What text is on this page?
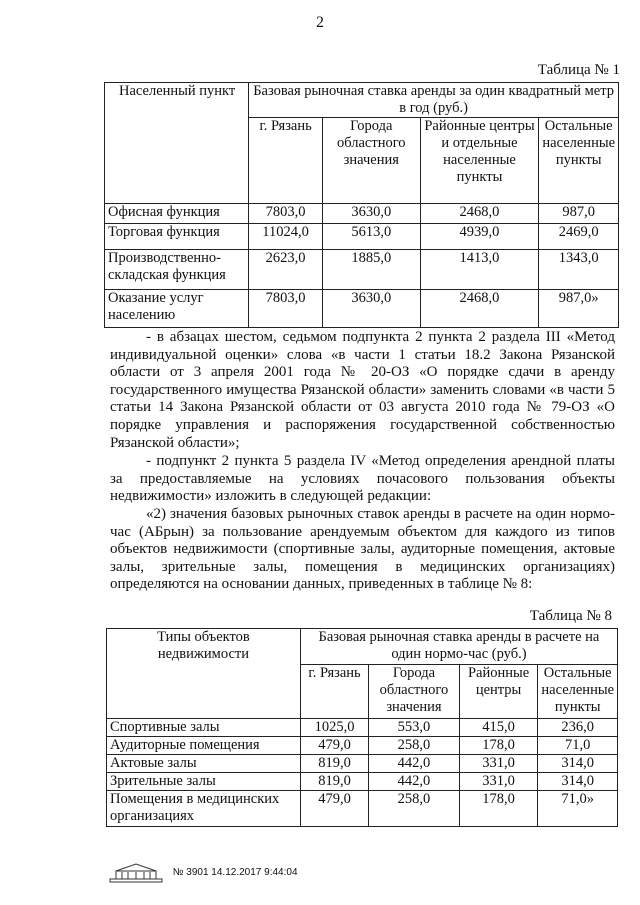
2
Таблица № 1
Населенный пункт	Базовая рыночная ставка аренды за один квадратный метр в год (руб.)			
	г. Рязань	Города областного значения	Районные центры и отдельные населенные пункты	Остальные населенные пункты
Офисная функция	7803,0	3630,0	2468,0	987,0
Торговая функция	11024,0	5613,0	4939,0	2469,0
Производственно-складская функция	2623,0	1885,0	1413,0	1343,0
Оказание услуг населению	7803,0	3630,0	2468,0	987,0»

- в абзацах шестом, седьмом подпункта 2 пункта 2 раздела III «Метод индивидуальной оценки» слова «в части 1 статьи 18.2 Закона Рязанской области от 3 апреля 2001 года № 20-ОЗ «О порядке сдачи в аренду государственного имущества Рязанской области» заменить словами «в части 5 статьи 14 Закона Рязанской области от 03 августа 2010 года № 79-ОЗ «О порядке управления и распоряжения государственной собственностью Рязанской области»;

- подпункт 2 пункта 5 раздела IV «Метод определения арендной платы за предоставляемые на условиях почасового пользования объекты недвижимости» изложить в следующей редакции:

«2) значения базовых рыночных ставок аренды в расчете на один нормо-час (АБрын) за пользование арендуемым объектом для каждого из типов объектов недвижимости (спортивные залы, аудиторные помещения, актовые залы, зрительные залы, помещения в медицинских организациях) определяются на основании данных, приведенных в таблице № 8:

Таблица № 8
Типы объектов недвижимости	Базовая рыночная ставка аренды в расчете на один нормо-час (руб.)			
	г. Рязань	Города областного значения	Районные центры	Остальные населенные пункты
Спортивные залы	1025,0	553,0	415,0	236,0
Аудиторные помещения	479,0	258,0	178,0	71,0
Актовые залы	819,0	442,0	331,0	314,0
Зрительные залы	819,0	442,0	331,0	314,0
Помещения в медицинских организациях	479,0	258,0	178,0	71,0»
№ 3901 14.12.2017 9:44:04
